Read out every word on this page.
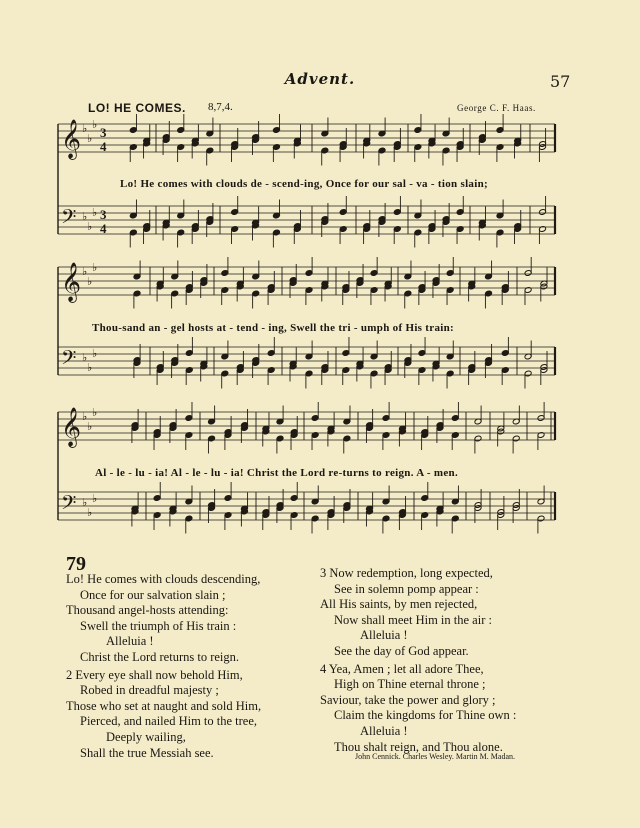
Advent.	57
LO! HE COMES. 8,7,4.	George C. F. Haas.
𝄞 ♭
♭
♭
3
4
𝄢 ♭
♭
♭ 3
4
𝄞 ♭
♭
♭
𝄢 ♭
♭
♭
𝄞 ♭
♭
♭
𝄢 ♭
♭
♭
Lo! He comes with clouds de - scend-ing, Once for our sal - va - tion slain;
Thou-sand an - gel hosts at - tend - ing, Swell the tri - umph of His train:
Al - le - lu - ia! Al - le - lu - ia! Christ the Lord re-turns to reign. A - men.
79
John Cennick. Charles Wesley. Martin M. Madan.
Lo! He comes with clouds descending,
Once for our salvation slain ;
Thousand angel-hosts attending:
Swell the triumph of His train :
Alleluia !
Christ the Lord returns to reign.
2 Every eye shall now behold Him,
Robed in dreadful majesty ;
Those who set at naught and sold Him,
Pierced, and nailed Him to the tree,
Deeply wailing,
Shall the true Messiah see.
3 Now redemption, long expected,
See in solemn pomp appear :
All His saints, by men rejected,
Now shall meet Him in the air :
Alleluia !
See the day of God appear.
4 Yea, Amen ; let all adore Thee,
High on Thine eternal throne ;
Saviour, take the power and glory ;
Claim the kingdoms for Thine own :
Alleluia !
Thou shalt reign, and Thou alone.
